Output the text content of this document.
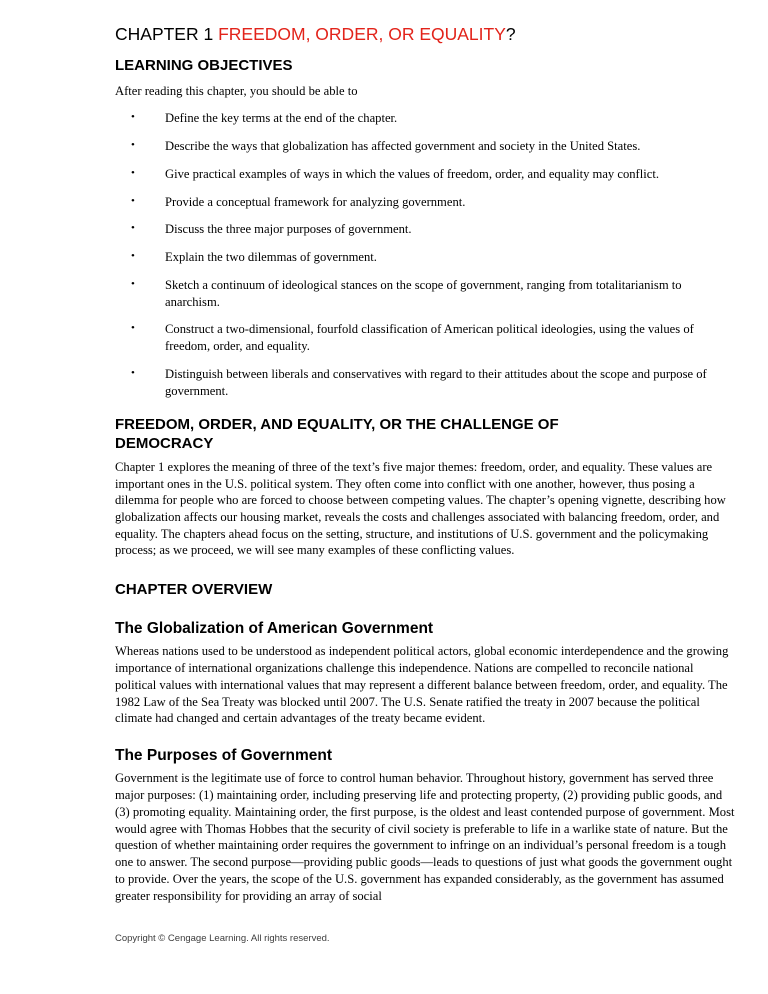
CHAPTER 1 FREEDOM, ORDER, OR EQUALITY?
LEARNING OBJECTIVES

After reading this chapter, you should be able to

• Define the key terms at the end of the chapter.
• Describe the ways that globalization has affected government and society in the United States.
• Give practical examples of ways in which the values of freedom, order, and equality may conflict.
• Provide a conceptual framework for analyzing government.
• Discuss the three major purposes of government.
• Explain the two dilemmas of government.
• Sketch a continuum of ideological stances on the scope of government, ranging from totalitarianism to anarchism.
• Construct a two-dimensional, fourfold classification of American political ideologies, using the values of freedom, order, and equality.
• Distinguish between liberals and conservatives with regard to their attitudes about the scope and purpose of government.
FREEDOM, ORDER, AND EQUALITY, OR THE CHALLENGE OF
DEMOCRACY

Chapter 1 explores the meaning of three of the text’s five major themes: freedom, order, and equality. These values are important ones in the U.S. political system. They often come into conflict with one another, however, thus posing a dilemma for people who are forced to choose between competing values. The chapter’s opening vignette, describing how globalization affects our housing market, reveals the costs and challenges associated with balancing freedom, order, and equality. The chapters ahead focus on the setting, structure, and institutions of U.S. government and the policymaking process; as we proceed, we will see many examples of these conflicting values.

CHAPTER OVERVIEW
The Globalization of American Government

Whereas nations used to be understood as independent political actors, global economic interdependence and the growing importance of international organizations challenge this independence. Nations are compelled to reconcile national political values with international values that may represent a different balance between freedom, order, and equality. The 1982 Law of the Sea Treaty was blocked until 2007. The U.S. Senate ratified the treaty in 2007 because the political climate had changed and certain advantages of the treaty became evident.

The Purposes of Government

Government is the legitimate use of force to control human behavior. Throughout history, government has served three major purposes: (1) maintaining order, including preserving life and protecting property, (2) providing public goods, and (3) promoting equality. Maintaining order, the first purpose, is the oldest and least contended purpose of government. Most would agree with Thomas Hobbes that the security of civil society is preferable to life in a warlike state of nature. But the question of whether maintaining order requires the government to infringe on an individual’s personal freedom is a tough one to answer. The second purpose—providing public goods—leads to questions of just what goods the government ought to provide. Over the years, the scope of the U.S. government has expanded considerably, as the government has assumed greater responsibility for providing an array of social

Copyright © Cengage Learning. All rights reserved.
